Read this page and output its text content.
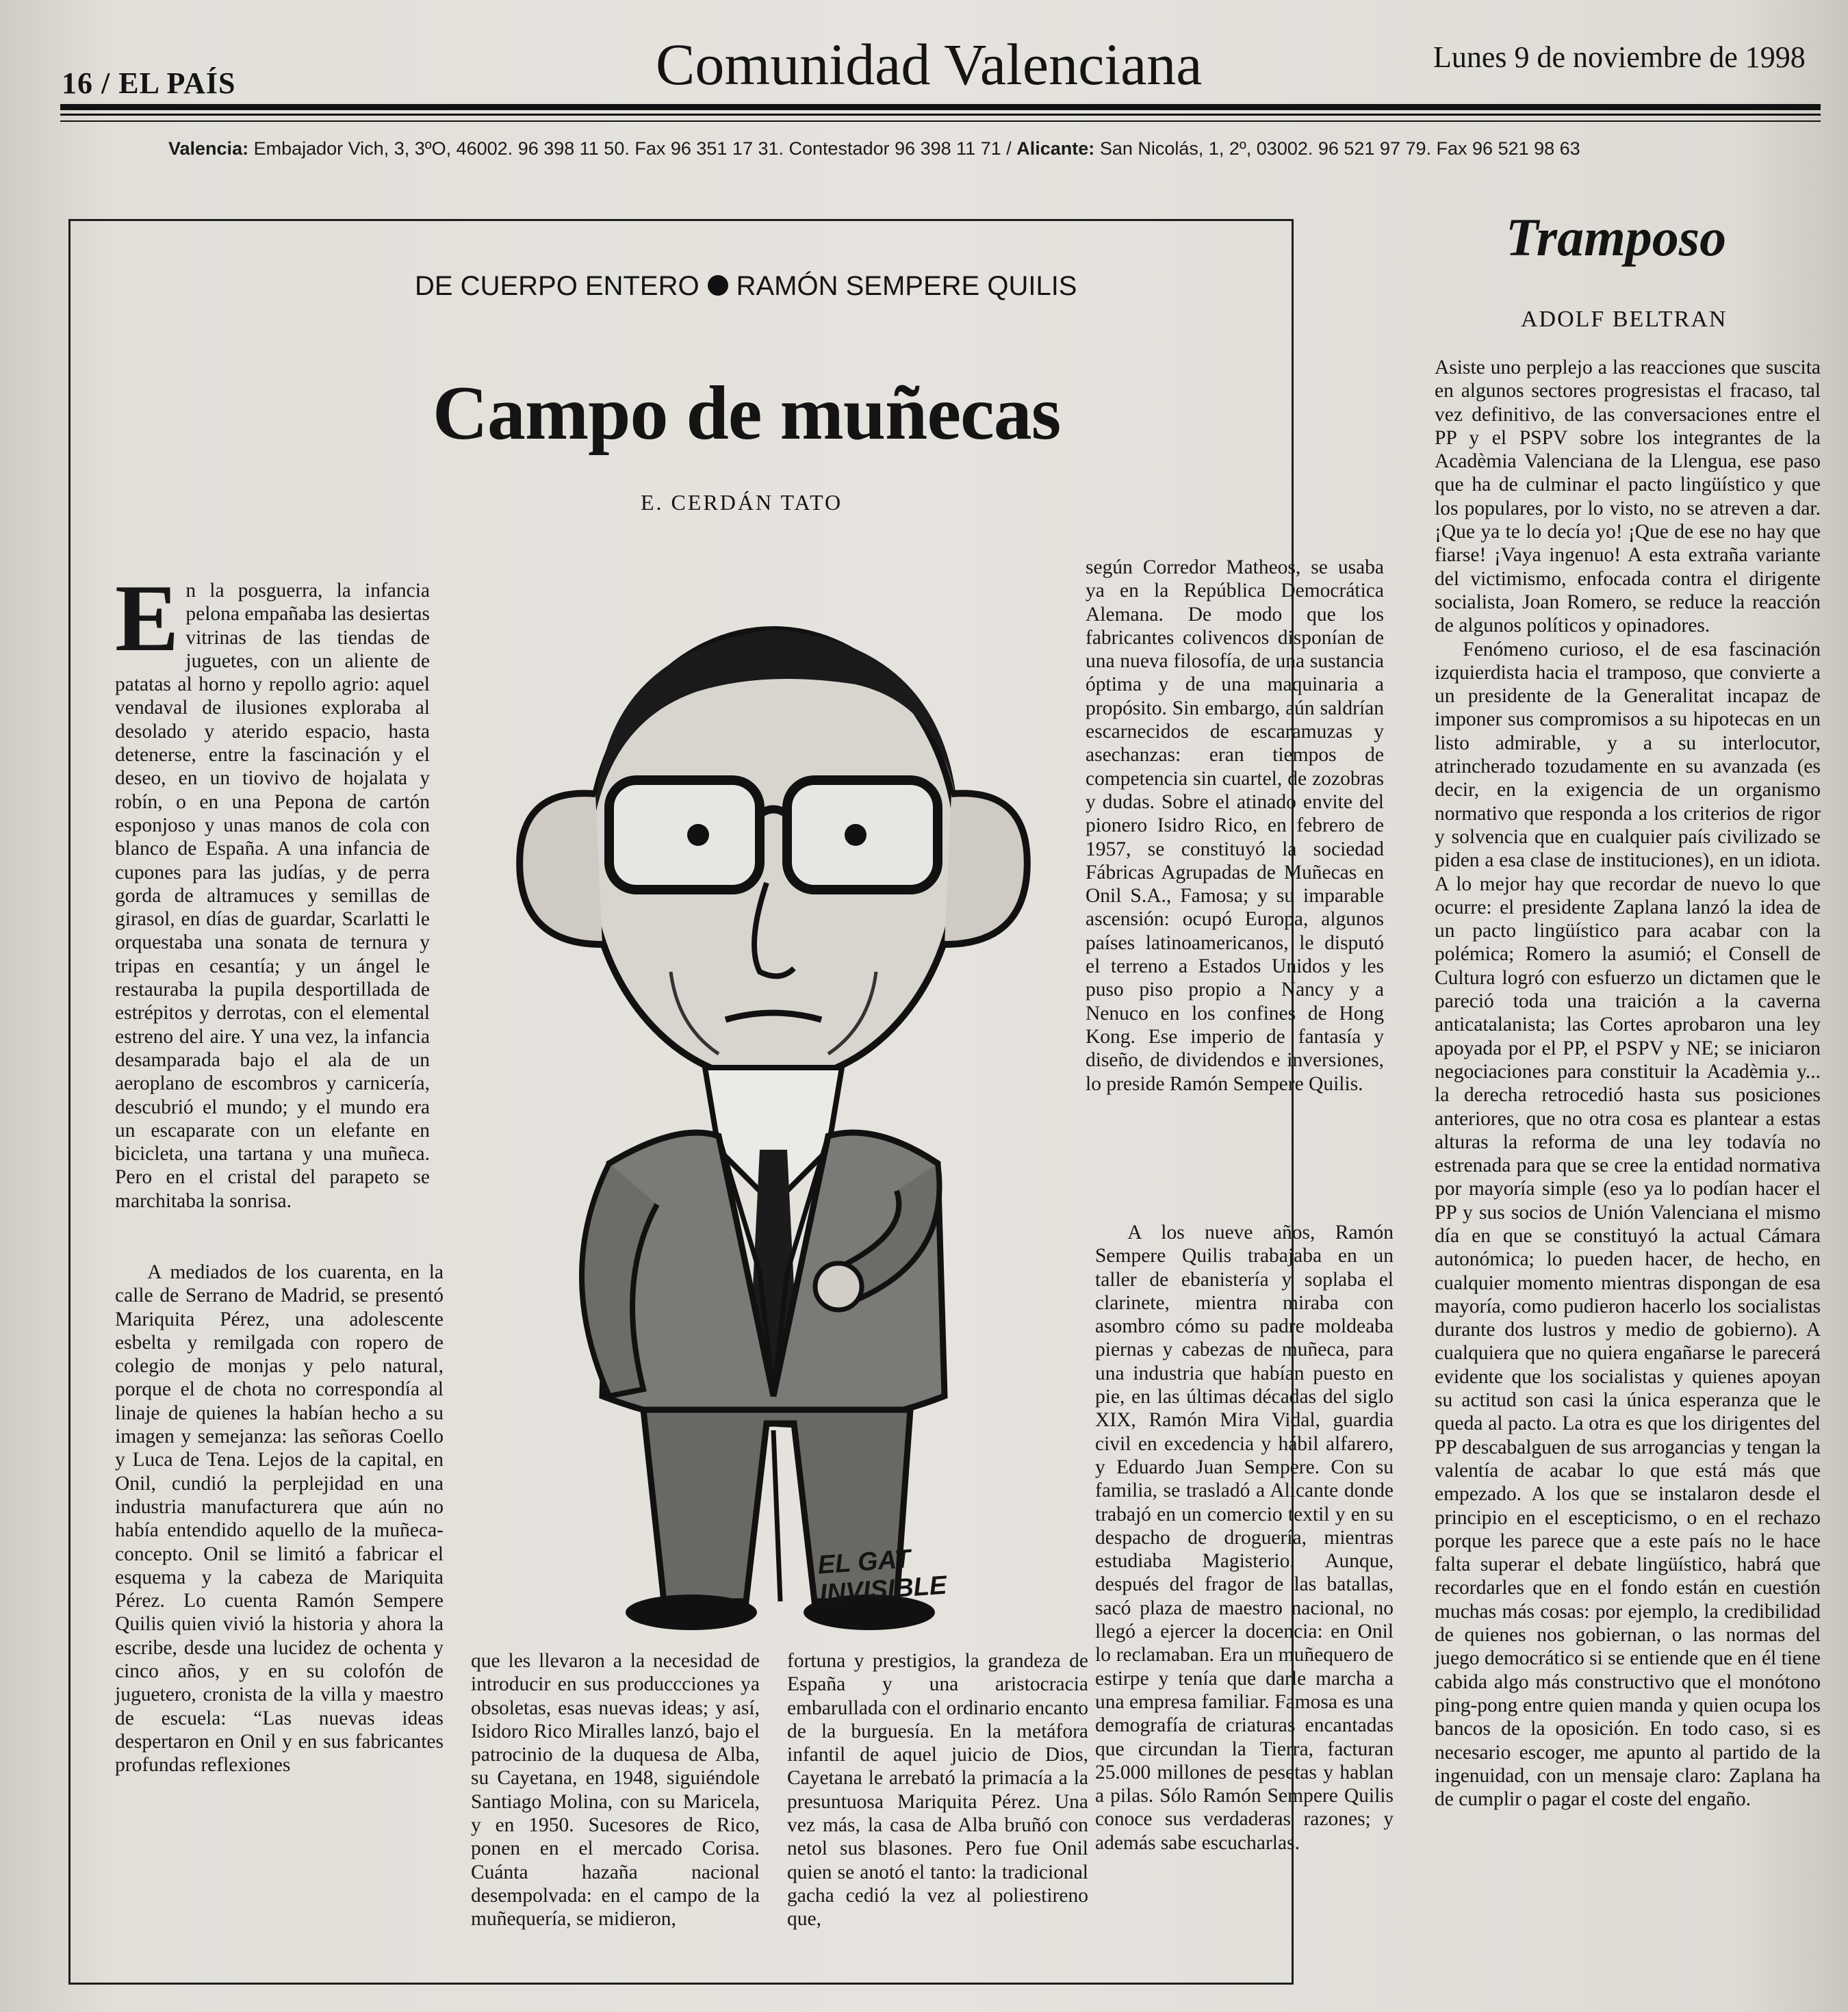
16 / EL PAÍS	Comunidad Valenciana	Lunes 9 de noviembre de 1998
Valencia: Embajador Vich, 3, 3ºO, 46002. 96 398 11 50. Fax 96 351 17 31. Contestador 96 398 11 71 / Alicante: San Nicolás, 1, 2º, 03002. 96 521 97 79. Fax 96 521 98 63
DE CUERPO ENTERO RAMÓN SEMPERE QUILIS
Campo de muñecas
E. CERDÁN TATO

En la posguerra, la infancia pelona empañaba las desiertas vitrinas de las tiendas de juguetes, con un aliente de patatas al horno y repollo agrio: aquel vendaval de ilusiones exploraba al desolado y aterido espacio, hasta detenerse, entre la fascinación y el deseo, en un tiovivo de hojalata y robín, o en una Pepona de cartón esponjoso y unas manos de cola con blanco de España. A una infancia de cupones para las judías, y de perra gorda de altramuces y semillas de girasol, en días de guardar, Scarlatti le orquestaba una sonata de ternura y tripas en cesantía; y un ángel le restauraba la pupila desportillada de estrépitos y derrotas, con el elemental estreno del aire. Y una vez, la infancia desamparada bajo el ala de un aeroplano de escombros y carnicería, descubrió el mundo; y el mundo era un escaparate con un elefante en bicicleta, una tartana y una muñeca. Pero en el cristal del parapeto se marchitaba la sonrisa.

A mediados de los cuarenta, en la calle de Serrano de Madrid, se presentó Mariquita Pérez, una adolescente esbelta y remilgada con ropero de colegio de monjas y pelo natural, porque el de chota no correspondía al linaje de quienes la habían hecho a su imagen y semejanza: las señoras Coello y Luca de Tena. Lejos de la capital, en Onil, cundió la perplejidad en una industria manufacturera que aún no había entendido aquello de la muñeca-concepto. Onil se limitó a fabricar el esquema y la cabeza de Mariquita Pérez. Lo cuenta Ramón Sempere Quilis quien vivió la historia y ahora la escribe, desde una lucidez de ochenta y cinco años, y en su colofón de juguetero, cronista de la villa y maestro de escuela: “Las nuevas ideas despertaron en Onil y en sus fabricantes profundas reflexiones

EL GAT
INVISIBLE

que les llevaron a la necesidad de introducir en sus produccciones ya obsoletas, esas nuevas ideas; y así, Isidoro Rico Miralles lanzó, bajo el patrocinio de la duquesa de Alba, su Cayetana, en 1948, siguiéndole Santiago Molina, con su Maricela, y en 1950. Sucesores de Rico, ponen en el mercado Corisa. Cuánta hazaña nacional desempolvada: en el campo de la muñequería, se midieron,

fortuna y prestigios, la grandeza de España y una aristocracia embarullada con el ordinario encanto de la burguesía. En la metáfora infantil de aquel juicio de Dios, Cayetana le arrebató la primacía a la presuntuosa Mariquita Pérez. Una vez más, la casa de Alba bruñó con netol sus blasones. Pero fue Onil quien se anotó el tanto: la tradicional gacha cedió la vez al poliestireno que,

según Corredor Matheos, se usaba ya en la República Democrática Alemana. De modo que los fabricantes colivencos disponían de una nueva filosofía, de una sustancia óptima y de una maquinaria a propósito. Sin embargo, aún saldrían escarnecidos de escaramuzas y asechanzas: eran tiempos de competencia sin cuartel, de zozobras y dudas. Sobre el atinado envite del pionero Isidro Rico, en febrero de 1957, se constituyó la sociedad Fábricas Agrupadas de Muñecas en Onil S.A., Famosa; y su imparable ascensión: ocupó Europa, algunos países latinoamericanos, le disputó el terreno a Estados Unidos y les puso piso propio a Nancy y a Nenuco en los confines de Hong Kong. Ese imperio de fantasía y diseño, de dividendos e inversiones, lo preside Ramón Sempere Quilis.

A los nueve años, Ramón Sempere Quilis trabajaba en un taller de ebanistería y soplaba el clarinete, mientra miraba con asombro cómo su padre moldeaba piernas y cabezas de muñeca, para una industria que habían puesto en pie, en las últimas décadas del siglo XIX, Ramón Mira Vidal, guardia civil en excedencia y hábil alfarero, y Eduardo Juan Sempere. Con su familia, se trasladó a Alicante donde trabajó en un comercio textil y en su despacho de droguería, mientras estudiaba Magisterio. Aunque, después del fragor de las batallas, sacó plaza de maestro nacional, no llegó a ejercer la docencia: en Onil lo reclamaban. Era un muñequero de estirpe y tenía que darle marcha a una empresa familiar. Famosa es una demografía de criaturas encantadas que circundan la Tierra, facturan 25.000 millones de pesetas y hablan a pilas. Sólo Ramón Sempere Quilis conoce sus verdaderas razones; y además sabe escucharlas.

Tramposo
ADOLF BELTRAN

Asiste uno perplejo a las reacciones que suscita en algunos sectores progresistas el fracaso, tal vez definitivo, de las conversaciones entre el PP y el PSPV sobre los integrantes de la Acadèmia Valenciana de la Llengua, ese paso que ha de culminar el pacto lingüístico y que los populares, por lo visto, no se atreven a dar. ¡Que ya te lo decía yo! ¡Que de ese no hay que fiarse! ¡Vaya ingenuo! A esta extraña variante del victimismo, enfocada contra el dirigente socialista, Joan Romero, se reduce la reacción de algunos políticos y opinadores.

Fenómeno curioso, el de esa fascinación izquierdista hacia el tramposo, que convierte a un presidente de la Generalitat incapaz de imponer sus compromisos a su hipotecas en un listo admirable, y a su interlocutor, atrincherado tozudamente en su avanzada (es decir, en la exigencia de un organismo normativo que responda a los criterios de rigor y solvencia que en cualquier país civilizado se piden a esa clase de instituciones), en un idiota. A lo mejor hay que recordar de nuevo lo que ocurre: el presidente Zaplana lanzó la idea de un pacto lingüístico para acabar con la polémica; Romero la asumió; el Consell de Cultura logró con esfuerzo un dictamen que le pareció toda una traición a la caverna anticatalanista; las Cortes aprobaron una ley apoyada por el PP, el PSPV y NE; se iniciaron negociaciones para constituir la Acadèmia y... la derecha retrocedió hasta sus posiciones anteriores, que no otra cosa es plantear a estas alturas la reforma de una ley todavía no estrenada para que se cree la entidad normativa por mayoría simple (eso ya lo podían hacer el PP y sus socios de Unión Valenciana el mismo día en que se constituyó la actual Cámara autonómica; lo pueden hacer, de hecho, en cualquier momento mientras dispongan de esa mayoría, como pudieron hacerlo los socialistas durante dos lustros y medio de gobierno). A cualquiera que no quiera engañarse le parecerá evidente que los socialistas y quienes apoyan su actitud son casi la única esperanza que le queda al pacto. La otra es que los dirigentes del PP descabalguen de sus arrogancias y tengan la valentía de acabar lo que está más que empezado. A los que se instalaron desde el principio en el escepticismo, o en el rechazo porque les parece que a este país no le hace falta superar el debate lingüístico, habrá que recordarles que en el fondo están en cuestión muchas más cosas: por ejemplo, la credibilidad de quienes nos gobiernan, o las normas del juego democrático si se entiende que en él tiene cabida algo más constructivo que el monótono ping-pong entre quien manda y quien ocupa los bancos de la oposición. En todo caso, si es necesario escoger, me apunto al partido de la ingenuidad, con un mensaje claro: Zaplana ha de cumplir o pagar el coste del engaño.
